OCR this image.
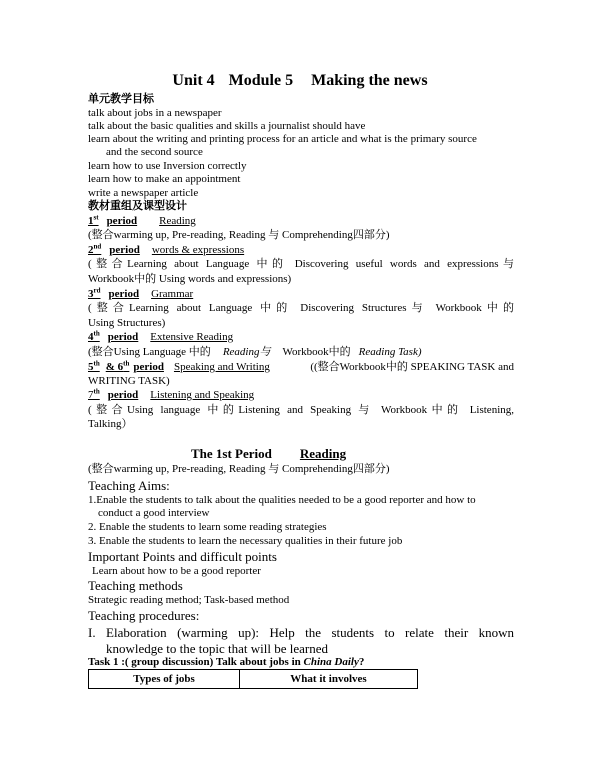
Unit 4 Module 5 Making the news
单元教学目标
talk about jobs in a newspaper
talk about the basic qualities and skills a journalist should have
learn about the writing and printing process for an article and what is the primary source
and the second source
learn how to use Inversion correctly
learn how to make an appointment
write a newspaper article
教材重组及课型设计
1st period Reading
(整合warming up, Pre-reading, Reading 与 Comprehending四部分)
2nd period words & expressions
(整合Learning about Language 中的 Discovering useful words and expressions与
Workbook中的 Using words and expressions)
3rd period Grammar
(整合Learning about Language 中的 Discovering Structures与 Workbook中的
Using Structures)
4th period Extensive Reading
(整合Using Language 中的 Reading与 Workbook中的 Reading Task)
5th & 6th period Speaking and Writing	((整合Workbook中的 SPEAKING TASK and
WRITING TASK)
7th period Listening and Speaking
(整合Using language 中的Listening and Speaking 与 Workbook中的 Listening,
Talking）
The 1st Period Reading
(整合warming up, Pre-reading, Reading 与 Comprehending四部分)
Teaching Aims:
1.Enable the students to talk about the qualities needed to be a good reporter and how to
conduct a good interview
2. Enable the students to learn some reading strategies
3. Enable the students to learn the necessary qualities in their future job
Important Points and difficult points
Learn about how to be a good reporter
Teaching methods
Strategic reading method; Task-based method
Teaching procedures:
I. Elaboration (warming up): Help the students to relate their known
knowledge to the topic that will be learned
Task 1 :( group discussion) Talk about jobs in China Daily?
Types of jobs	What it involves
